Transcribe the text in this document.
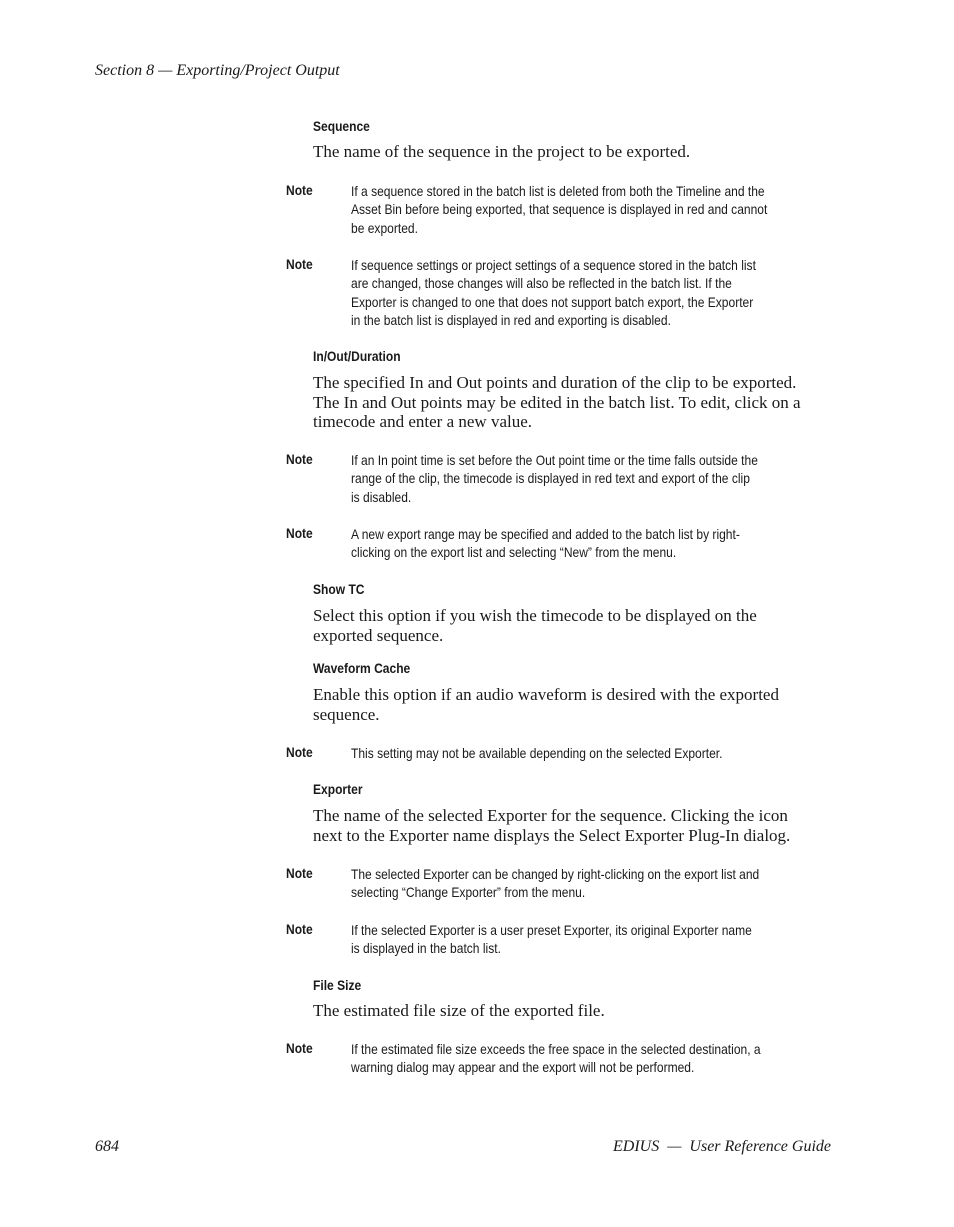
Section 8 — Exporting/Project Output
Sequence
The name of the sequence in the project to be exported.
Note	If a sequence stored in the batch list is deleted from both the Timeline and the
Asset Bin before being exported, that sequence is displayed in red and cannot
be exported.
Note	If sequence settings or project settings of a sequence stored in the batch list
are changed, those changes will also be reflected in the batch list. If the
Exporter is changed to one that does not support batch export, the Exporter
in the batch list is displayed in red and exporting is disabled.
In/Out/Duration
The specified In and Out points and duration of the clip to be exported.
The In and Out points may be edited in the batch list. To edit, click on a
timecode and enter a new value.
Note	If an In point time is set before the Out point time or the time falls outside the
range of the clip, the timecode is displayed in red text and export of the clip
is disabled.
Note	A new export range may be specified and added to the batch list by right-
clicking on the export list and selecting “New” from the menu.
Show TC
Select this option if you wish the timecode to be displayed on the
exported sequence.
Waveform Cache
Enable this option if an audio waveform is desired with the exported
sequence.
Note	This setting may not be available depending on the selected Exporter.
Exporter
The name of the selected Exporter for the sequence. Clicking the icon
next to the Exporter name displays the Select Exporter Plug-In dialog.
Note	The selected Exporter can be changed by right-clicking on the export list and
selecting “Change Exporter” from the menu.
Note	If the selected Exporter is a user preset Exporter, its original Exporter name
is displayed in the batch list.
File Size
The estimated file size of the exported file.
Note	If the estimated file size exceeds the free space in the selected destination, a
warning dialog may appear and the export will not be performed.
684	EDIUS  —  User Reference Guide
